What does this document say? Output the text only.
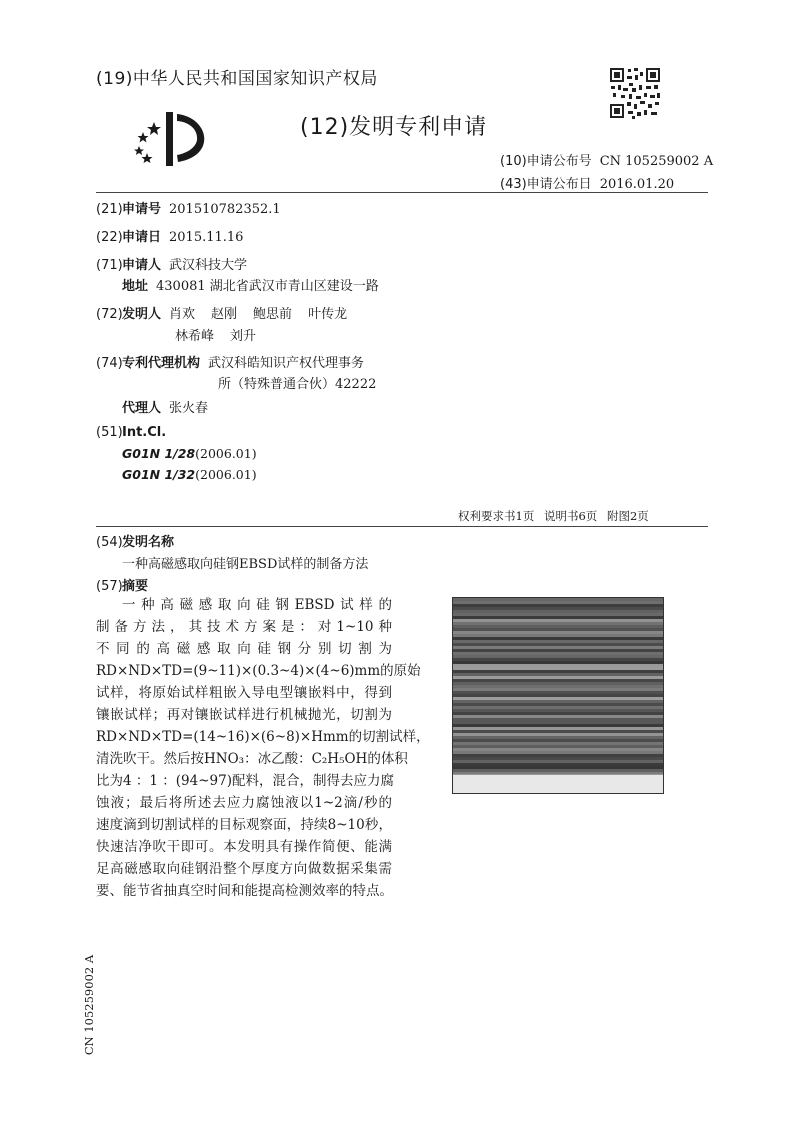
(19)中华人民共和国国家知识产权局
(12)发明专利申请
(10)申请公布号 CN 105259002 A
(43)申请公布日 2016.01.20
(21)申请号 201510782352.1
(22)申请日 2015.11.16
(71)申请人 武汉科技大学
地址 430081 湖北省武汉市青山区建设一路
(72)发明人 肖欢 赵刚 鲍思前 叶传龙
林希峰 刘升
(74)专利代理机构 武汉科皓知识产权代理事务
所（特殊普通合伙）42222
代理人 张火春
(51)Int.Cl.
G01N 1/28(2006.01)
G01N 1/32(2006.01)
权利要求书1页 说明书6页 附图2页
(54)发明名称
一种高磁感取向硅钢EBSD试样的制备方法
(57)摘要
一种高磁感取向硅钢EBSD试样的
制备方法，其技术方案是：对1~10种
不同的高磁感取向硅钢分别切割为
RD×ND×TD=(9~11)×(0.3~4)×(4~6)mm的原始
试样，将原始试样粗嵌入导电型镶嵌料中，得到
镶嵌试样；再对镶嵌试样进行机械抛光，切割为
RD×ND×TD=(14~16)×(6~8)×Hmm的切割试样，
清洗吹干。然后按HNO₃：冰乙酸：C₂H₅OH的体积
比为4 ：1 ：(94~97)配料，混合，制得去应力腐
蚀液；最后将所述去应力腐蚀液以1~2滴/秒的
速度滴到切割试样的目标观察面，持续8~10秒，
快速洁净吹干即可。本发明具有操作简便、能满
足高磁感取向硅钢沿整个厚度方向做数据采集需
要、能节省抽真空时间和能提高检测效率的特点。
CN 105259002 A
